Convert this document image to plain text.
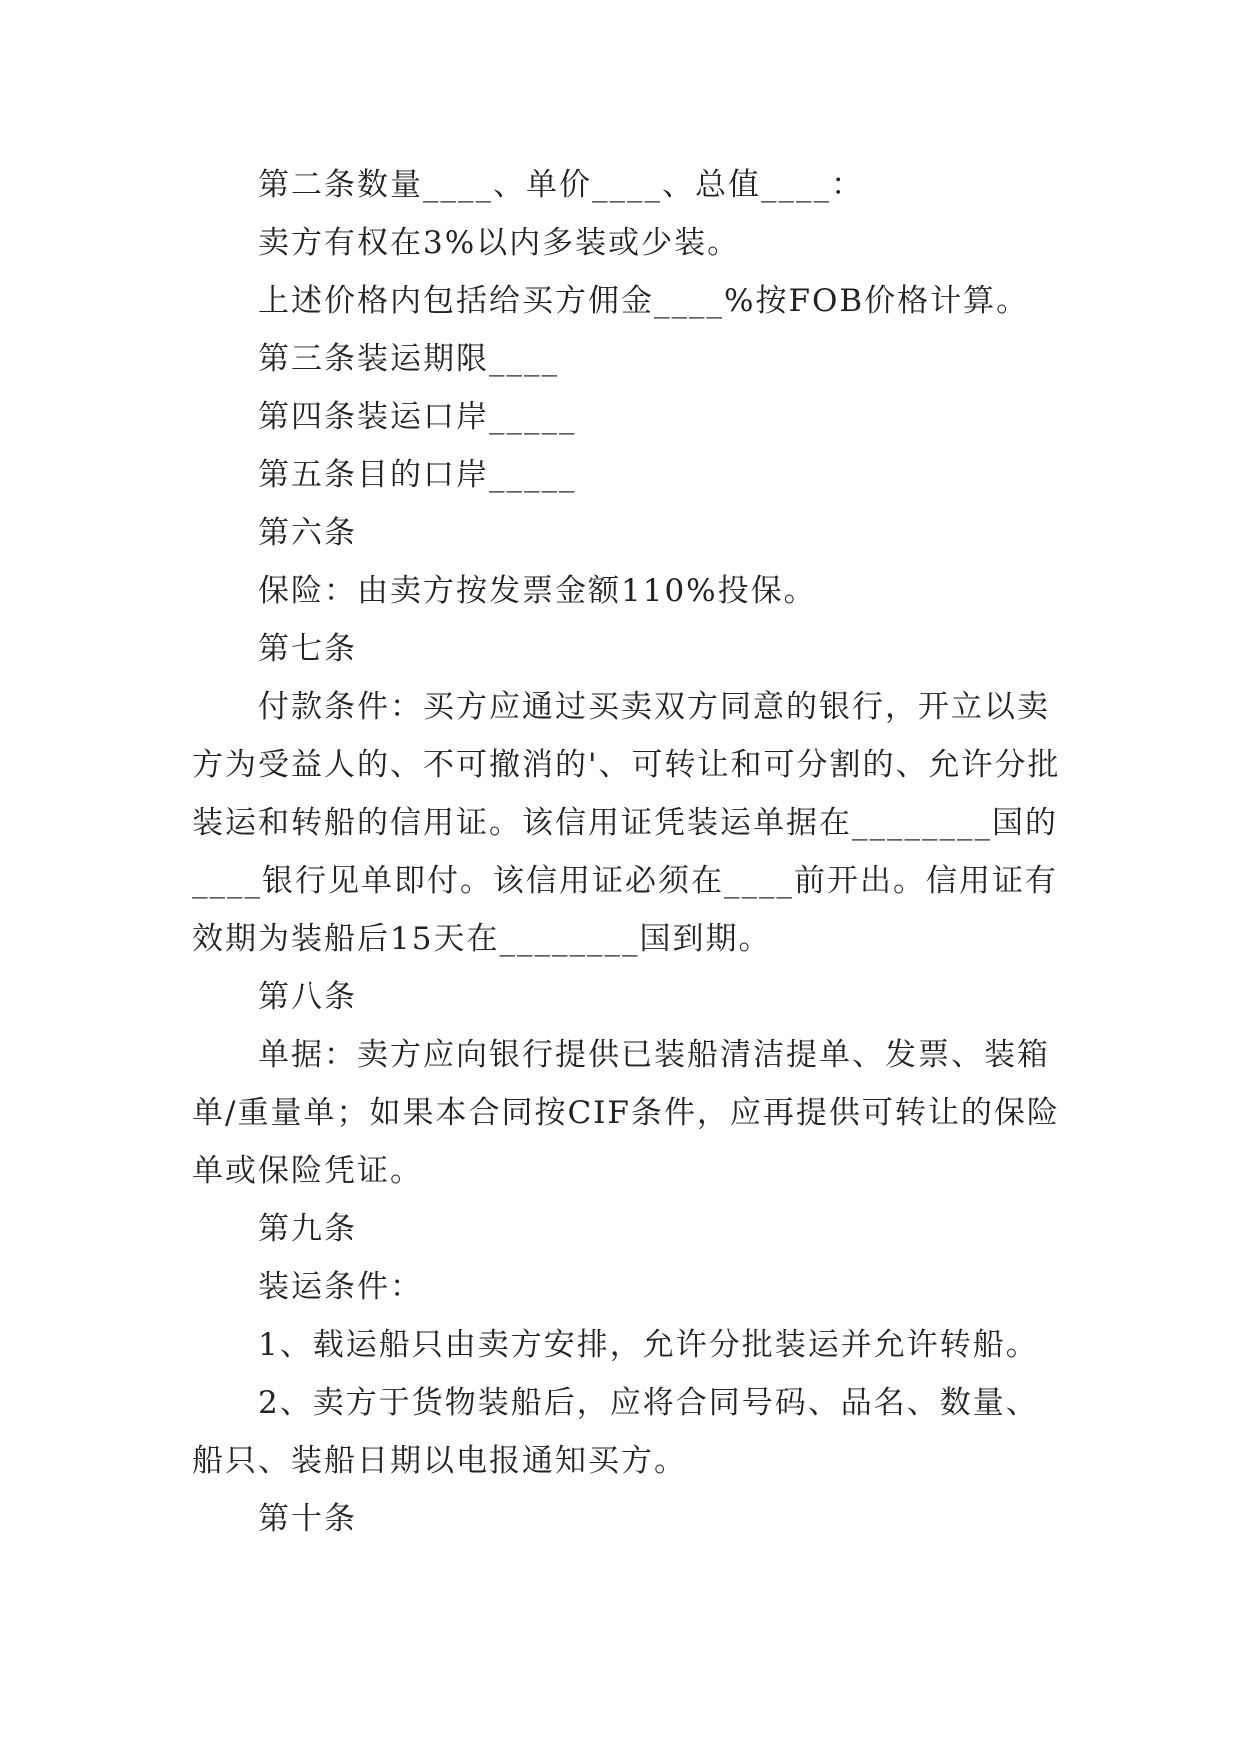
第二条数量____、单价____、总值____：

卖方有权在3%以内多装或少装。

上述价格内包括给买方佣金____%按FOB价格计算。

第三条装运期限____

第四条装运口岸_____

第五条目的口岸_____

第六条

保险：由卖方按发票金额110%投保。

第七条

付款条件：买方应通过买卖双方同意的银行，开立以卖方为受益人的、不可撤消的'、可转让和可分割的、允许分批装运和转船的信用证。该信用证凭装运单据在________国的____银行见单即付。该信用证必须在____前开出。信用证有效期为装船后15天在________国到期。

第八条

单据：卖方应向银行提供已装船清洁提单、发票、装箱单/重量单；如果本合同按CIF条件，应再提供可转让的保险单或保险凭证。

第九条

装运条件：

1、载运船只由卖方安排，允许分批装运并允许转船。

2、卖方于货物装船后，应将合同号码、品名、数量、船只、装船日期以电报通知买方。

第十条
